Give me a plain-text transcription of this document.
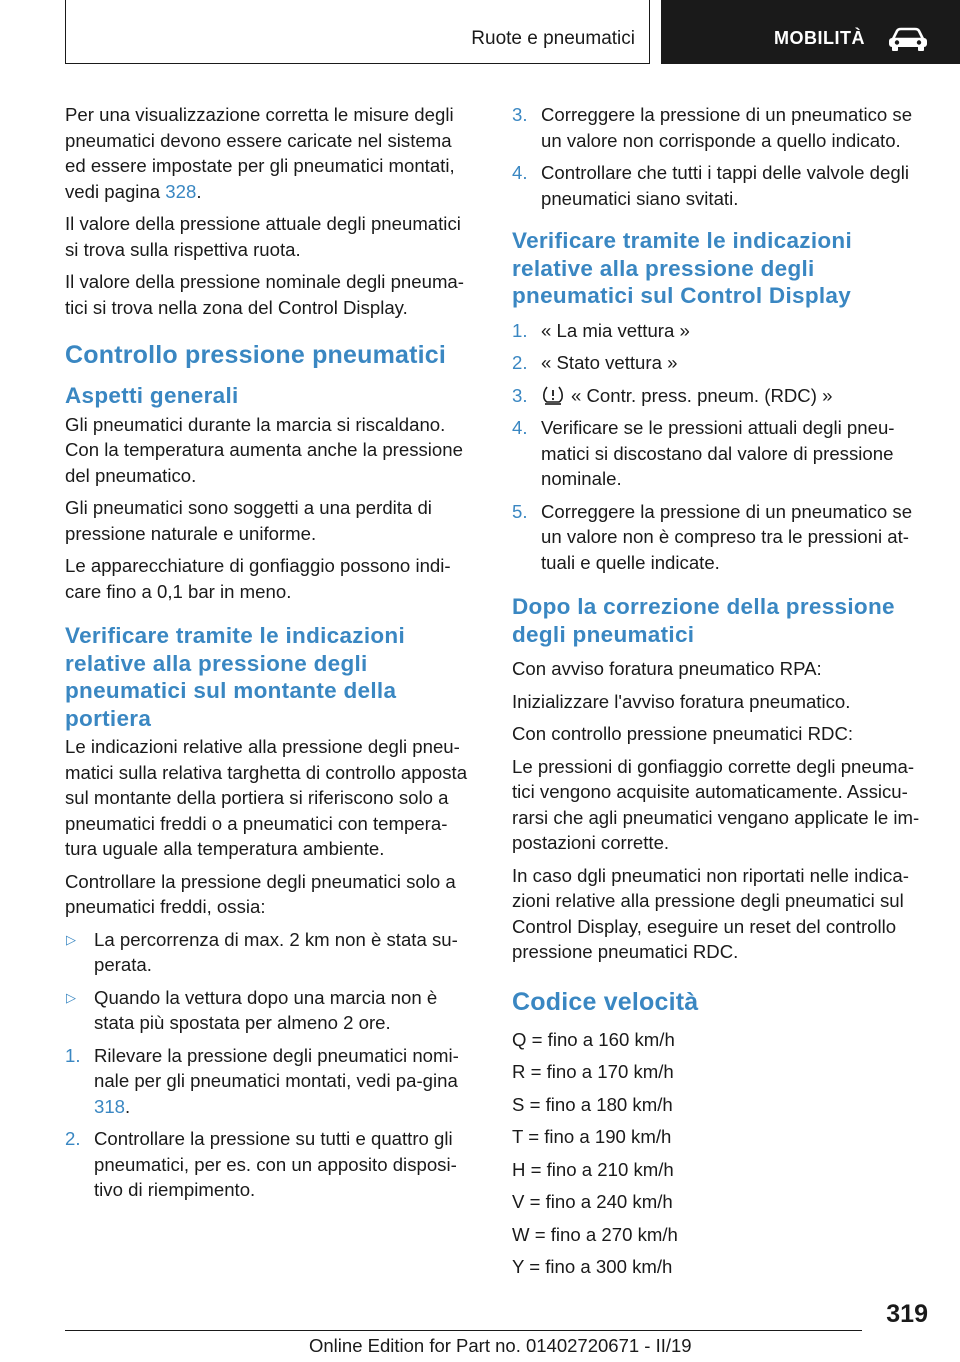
Ruote e pneumatici	MOBILITÀ

Per una visualizzazione corretta le misure degli pneumatici devono essere caricate nel sistema ed essere impostate per gli pneumatici montati, vedi pagina 328.

Il valore della pressione attuale degli pneumatici si trova sulla rispettiva ruota.

Il valore della pressione nominale degli pneuma-tici si trova nella zona del Control Display.

Controllo pressione pneumatici
Aspetti generali

Gli pneumatici durante la marcia si riscaldano. Con la temperatura aumenta anche la pressione del pneumatico.

Gli pneumatici sono soggetti a una perdita di pressione naturale e uniforme.

Le apparecchiature di gonfiaggio possono indi-care fino a 0,1 bar in meno.

Verificare tramite le indicazioni relative alla pressione degli pneumatici sul montante della portiera

Le indicazioni relative alla pressione degli pneu-matici sulla relativa targhetta di controllo apposta sul montante della portiera si riferiscono solo a pneumatici freddi o a pneumatici con tempera-tura uguale alla temperatura ambiente.

Controllare la pressione degli pneumatici solo a pneumatici freddi, ossia:

▷ La percorrenza di max. 2 km non è stata su-perata.
▷ Quando la vettura dopo una marcia non è stata più spostata per almeno 2 ore.
1. Rilevare la pressione degli pneumatici nomi-nale per gli pneumatici montati, vedi pa-gina 318.
2. Controllare la pressione su tutti e quattro gli pneumatici, per es. con un apposito disposi-tivo di riempimento.
3. Correggere la pressione di un pneumatico se un valore non corrisponde a quello indicato.
4. Controllare che tutti i tappi delle valvole degli pneumatici siano svitati.
Verificare tramite le indicazioni relative alla pressione degli pneumatici sul Control Display
1. « La mia vettura »
2. « Stato vettura »
3. « Contr. press. pneum. (RDC) »
4. Verificare se le pressioni attuali degli pneu-matici si discostano dal valore di pressione nominale.
5. Correggere la pressione di un pneumatico se un valore non è compreso tra le pressioni at-tuali e quelle indicate.
Dopo la correzione della pressione degli pneumatici

Con avviso foratura pneumatico RPA:

Inizializzare l'avviso foratura pneumatico.

Con controllo pressione pneumatici RDC:

Le pressioni di gonfiaggio corrette degli pneuma-tici vengono acquisite automaticamente. Assicu-rarsi che agli pneumatici vengano applicate le im-postazioni corrette.

In caso dgli pneumatici non riportati nelle indica-zioni relative alla pressione degli pneumatici sul Control Display, eseguire un reset del controllo pressione pneumatici RDC.

Codice velocità

Q = fino a 160 km/h

R = fino a 170 km/h

S = fino a 180 km/h

T = fino a 190 km/h

H = fino a 210 km/h

V = fino a 240 km/h

W = fino a 270 km/h

Y = fino a 300 km/h

319
Online Edition for Part no. 01402720671 - II/19
